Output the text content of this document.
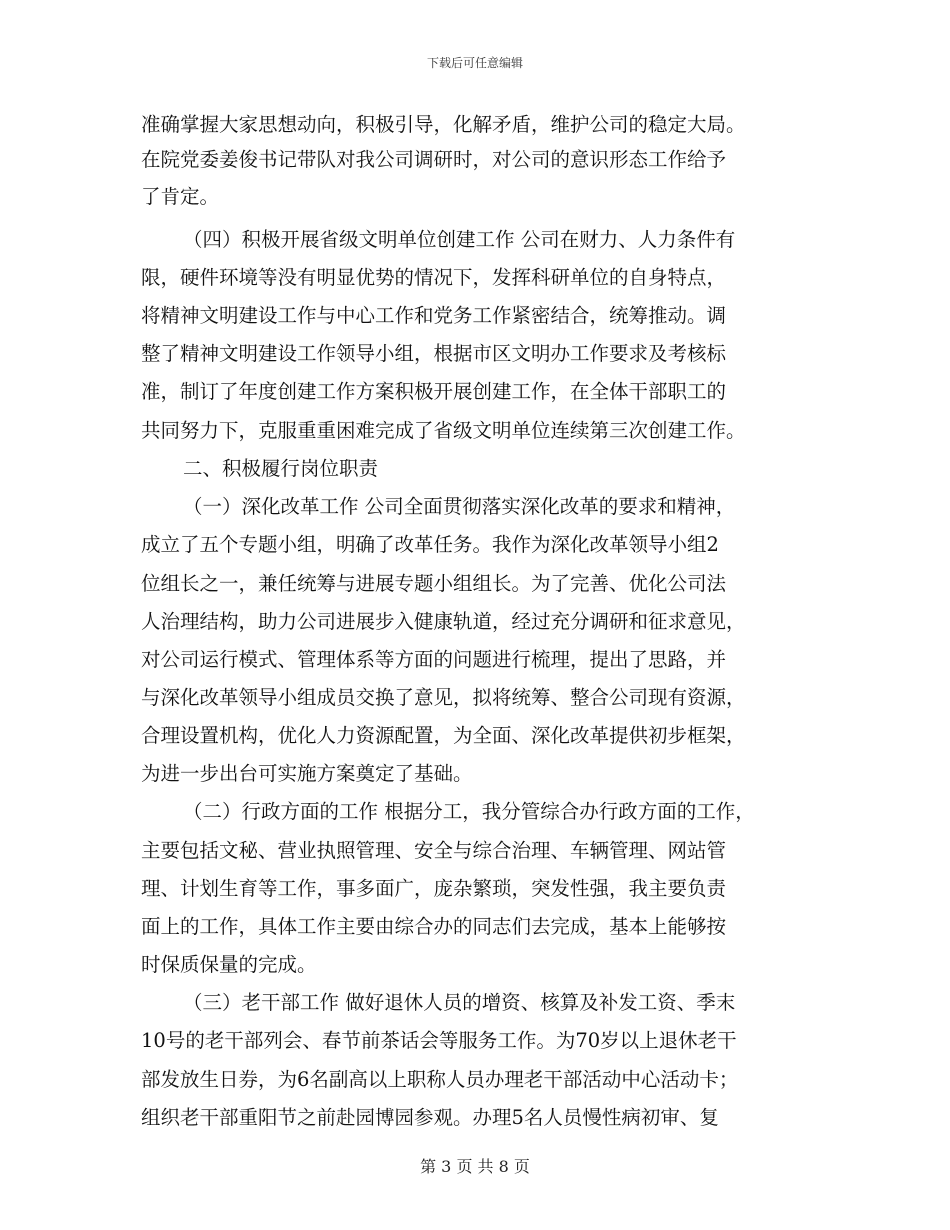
下载后可任意编辑
准确掌握大家思想动向，积极引导，化解矛盾，维护公司的稳定大局。
在院党委姜俊书记带队对我公司调研时，对公司的意识形态工作给予
了肯定。
（四）积极开展省级文明单位创建工作 公司在财力、人力条件有
限，硬件环境等没有明显优势的情况下，发挥科研单位的自身特点，
将精神文明建设工作与中心工作和党务工作紧密结合，统筹推动。调
整了精神文明建设工作领导小组，根据市区文明办工作要求及考核标
准，制订了年度创建工作方案积极开展创建工作，在全体干部职工的
共同努力下，克服重重困难完成了省级文明单位连续第三次创建工作。
二、积极履行岗位职责
（一）深化改革工作 公司全面贯彻落实深化改革的要求和精神，
成立了五个专题小组，明确了改革任务。我作为深化改革领导小组2
位组长之一，兼任统筹与进展专题小组组长。为了完善、优化公司法
人治理结构，助力公司进展步入健康轨道，经过充分调研和征求意见，
对公司运行模式、管理体系等方面的问题进行梳理，提出了思路，并
与深化改革领导小组成员交换了意见，拟将统筹、整合公司现有资源，
合理设置机构，优化人力资源配置，为全面、深化改革提供初步框架，
为进一步出台可实施方案奠定了基础。
（二）行政方面的工作 根据分工，我分管综合办行政方面的工作，
主要包括文秘、营业执照管理、安全与综合治理、车辆管理、网站管
理、计划生育等工作，事多面广，庞杂繁琐，突发性强，我主要负责
面上的工作，具体工作主要由综合办的同志们去完成，基本上能够按
时保质保量的完成。
（三）老干部工作 做好退休人员的增资、核算及补发工资、季末
10号的老干部列会、春节前茶话会等服务工作。为70岁以上退休老干
部发放生日券，为6名副高以上职称人员办理老干部活动中心活动卡；
组织老干部重阳节之前赴园博园参观。办理5名人员慢性病初审、复
第 3 页 共 8 页
